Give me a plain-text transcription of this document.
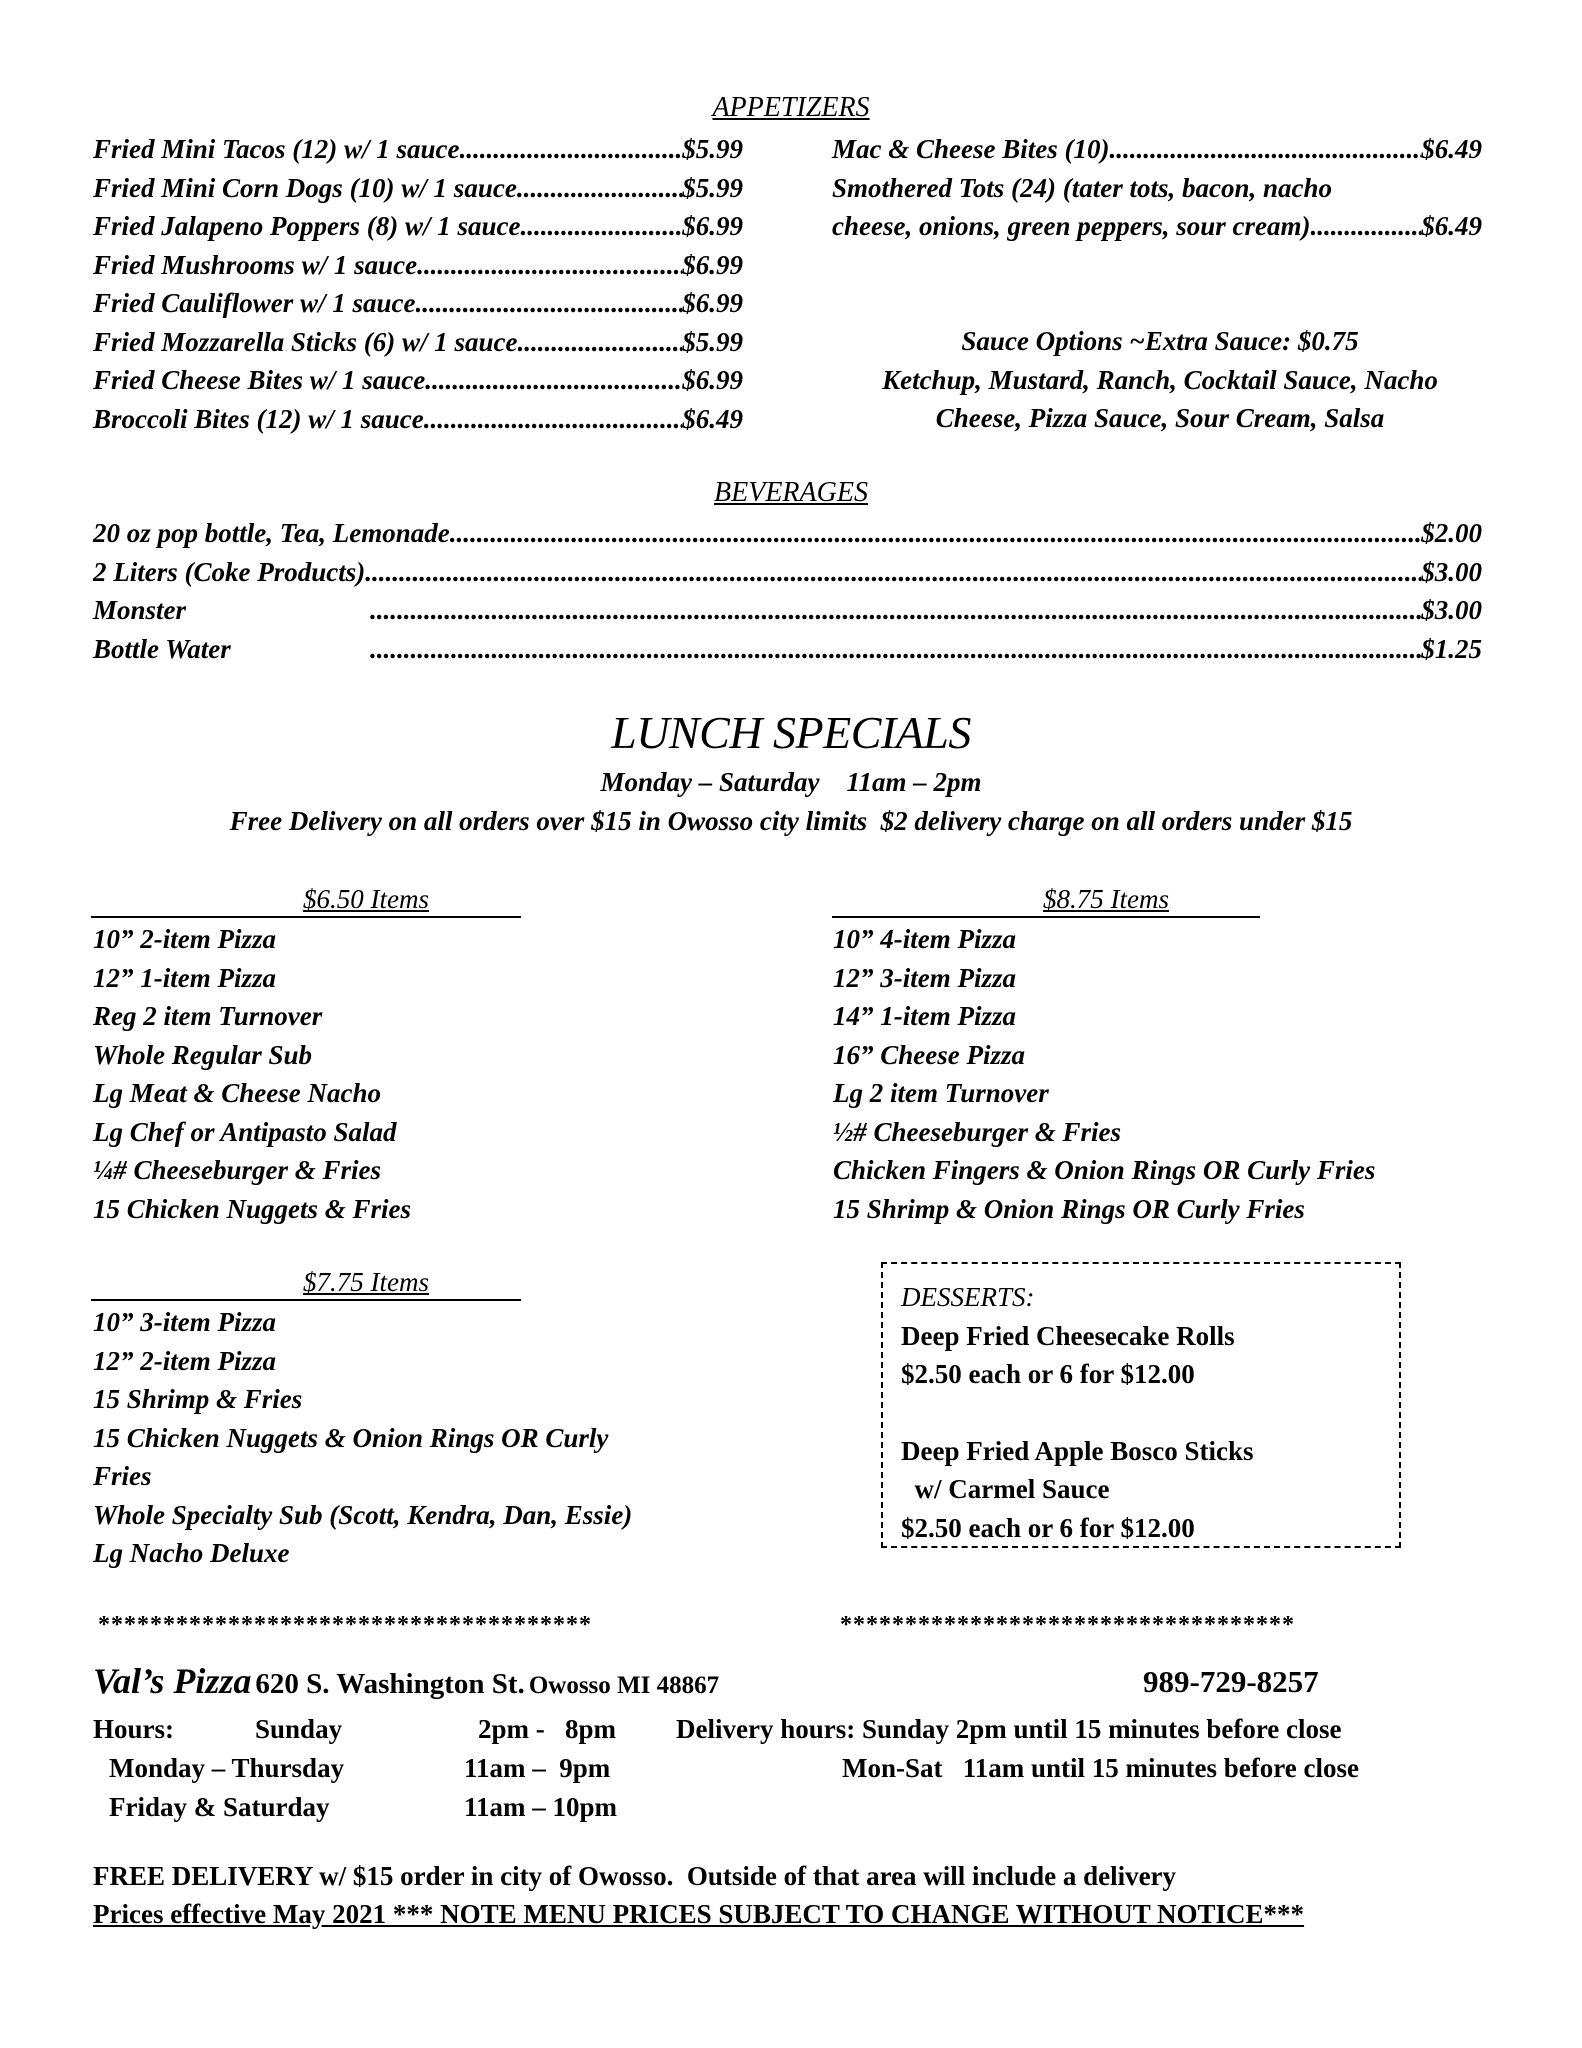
APPETIZERS
Fried Mini Tacos (12) w/ 1 sauce .....	$5.99
Fried Mini Corn Dogs (10) w/ 1 sauce .....	$5.99
Fried Jalapeno Poppers (8) w/ 1 sauce .....	$6.99
Fried Mushrooms w/ 1 sauce .....	$6.99
Fried Cauliflower w/ 1 sauce .....	$6.99
Fried Mozzarella Sticks (6) w/ 1 sauce .....	$5.99
Fried Cheese Bites w/ 1 sauce .....	$6.99
Broccoli Bites (12) w/ 1 sauce .....	$6.49
Mac & Cheese Bites (10) .....	$6.49
Smothered Tots (24) (tater tots, bacon, nacho
cheese, onions, green peppers, sour cream) .....	$6.49
Sauce Options ~Extra Sauce: $0.75
Ketchup, Mustard, Ranch, Cocktail Sauce, Nacho
Cheese, Pizza Sauce, Sour Cream, Salsa
BEVERAGES
20 oz pop bottle, Tea, Lemonade .....	$2.00
2 Liters (Coke Products) .....	$3.00
Monster .....	$3.00
Bottle Water .....	$1.25
LUNCH SPECIALS
Monday – Saturday    11am – 2pm
Free Delivery on all orders over $15 in Owosso city limits  $2 delivery charge on all orders under $15
$6.50 Items
10” 2-item Pizza
12” 1-item Pizza
Reg 2 item Turnover
Whole Regular Sub
Lg Meat & Cheese Nacho
Lg Chef or Antipasto Salad
¼# Cheeseburger & Fries
15 Chicken Nuggets & Fries
$8.75 Items
10” 4-item Pizza
12” 3-item Pizza
14” 1-item Pizza
16” Cheese Pizza
Lg 2 item Turnover
½# Cheeseburger & Fries
Chicken Fingers & Onion Rings OR Curly Fries
15 Shrimp & Onion Rings OR Curly Fries
$7.75 Items
10” 3-item Pizza
12” 2-item Pizza
15 Shrimp & Fries
15 Chicken Nuggets & Onion Rings OR Curly
Fries
Whole Specialty Sub (Scott, Kendra, Dan, Essie)
Lg Nacho Deluxe
DESSERTS:
Deep Fried Cheesecake Rolls
$2.50 each or 6 for $12.00
Deep Fried Apple Bosco Sticks
w/ Carmel Sauce
$2.50 each or 6 for $12.00
**************************************	***********************************
Val’s Pizza 620 S. Washington St. Owosso MI 48867	989-729-8257
Hours:	Sunday	2pm -   8pm
Monday – Thursday	11am –  9pm
Friday & Saturday	11am – 10pm
Delivery hours: Sunday 2pm until 15 minutes before close
Mon-Sat   11am until 15 minutes before close
FREE DELIVERY w/ $15 order in city of Owosso.  Outside of that area will include a delivery
Prices effective May 2021 *** NOTE MENU PRICES SUBJECT TO CHANGE WITHOUT NOTICE***
